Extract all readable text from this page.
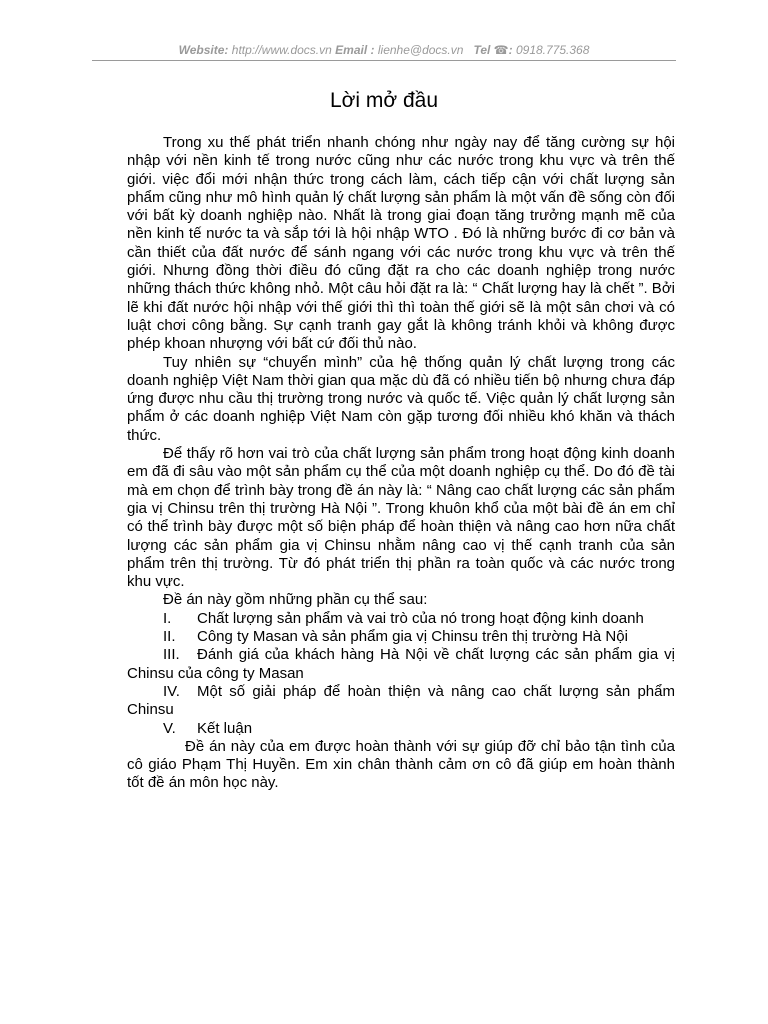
Website: http://www.docs.vn Email : lienhe@docs.vn Tel ☎: 0918.775.368
Lời mở đầu

Trong xu thế phát triển nhanh chóng như ngày nay để tăng cường sự hội nhập với nền kinh tế trong nước cũng như các nước trong khu vực và trên thế giới. việc đổi mới nhận thức trong cách làm, cách tiếp cận với chất lượng sản phẩm cũng như mô hình quản lý chất lượng sản phẩm là một vấn đề sống còn đối với bất kỳ doanh nghiệp nào. Nhất là trong giai đoạn tăng trưởng mạnh mẽ của nền kinh tế nước ta và sắp tới là hội nhập WTO . Đó là những bước đi cơ bản và cần thiết của đất nước để sánh ngang với các nước trong khu vực và trên thế giới. Nhưng đồng thời điều đó cũng đặt ra cho các doanh nghiệp trong nước những thách thức không nhỏ. Một câu hỏi đặt ra là: “ Chất lượng hay là chết ”. Bởi lẽ khi đất nước hội nhập với thế giới thì thì toàn thế giới sẽ là một sân chơi và có luật chơi công bằng. Sự cạnh tranh gay gắt là không tránh khỏi và không được phép khoan nhượng với bất cứ đối thủ nào.

Tuy nhiên sự “chuyển mình” của hệ thống quản lý chất lượng trong các doanh nghiệp Việt Nam thời gian qua mặc dù đã có nhiều tiến bộ nhưng chưa đáp ứng được nhu cầu thị trường trong nước và quốc tế. Việc quản lý chất lượng sản phẩm ở các doanh nghiệp Việt Nam còn gặp tương đối nhiều khó khăn và thách thức.

Để thấy rõ hơn vai trò của chất lượng sản phẩm trong hoạt động kinh doanh em đã đi sâu vào một sản phẩm cụ thể của một doanh nghiệp cụ thể. Do đó đề tài mà em chọn để trình bày trong đề án này là: “ Nâng cao chất lượng các sản phẩm gia vị Chinsu trên thị trường Hà Nội ”. Trong khuôn khổ của một bài đề án em chỉ có thể trình bày được một số biện pháp để hoàn thiện và nâng cao hơn nữa chất lượng các sản phẩm gia vị Chinsu nhằm nâng cao vị thế cạnh tranh của sản phẩm trên thị trường. Từ đó phát triển thị phần ra toàn quốc và các nước trong khu vực.

Đề án này gồm những phần cụ thể sau:

I. Chất lượng sản phẩm và vai trò của nó trong hoạt động kinh doanh

II. Công ty Masan và sản phẩm gia vị Chinsu trên thị trường Hà Nội

III. Đánh giá của khách hàng Hà Nội về chất lượng các sản phẩm gia vị Chinsu của công ty Masan

IV. Một số giải pháp để hoàn thiện và nâng cao chất lượng sản phẩm Chinsu

V. Kết luận

Đề án này của em được hoàn thành với sự giúp đỡ chỉ bảo tận tình của cô giáo Phạm Thị Huyền. Em xin chân thành cảm ơn cô đã giúp em hoàn thành tốt đề án môn học này.
